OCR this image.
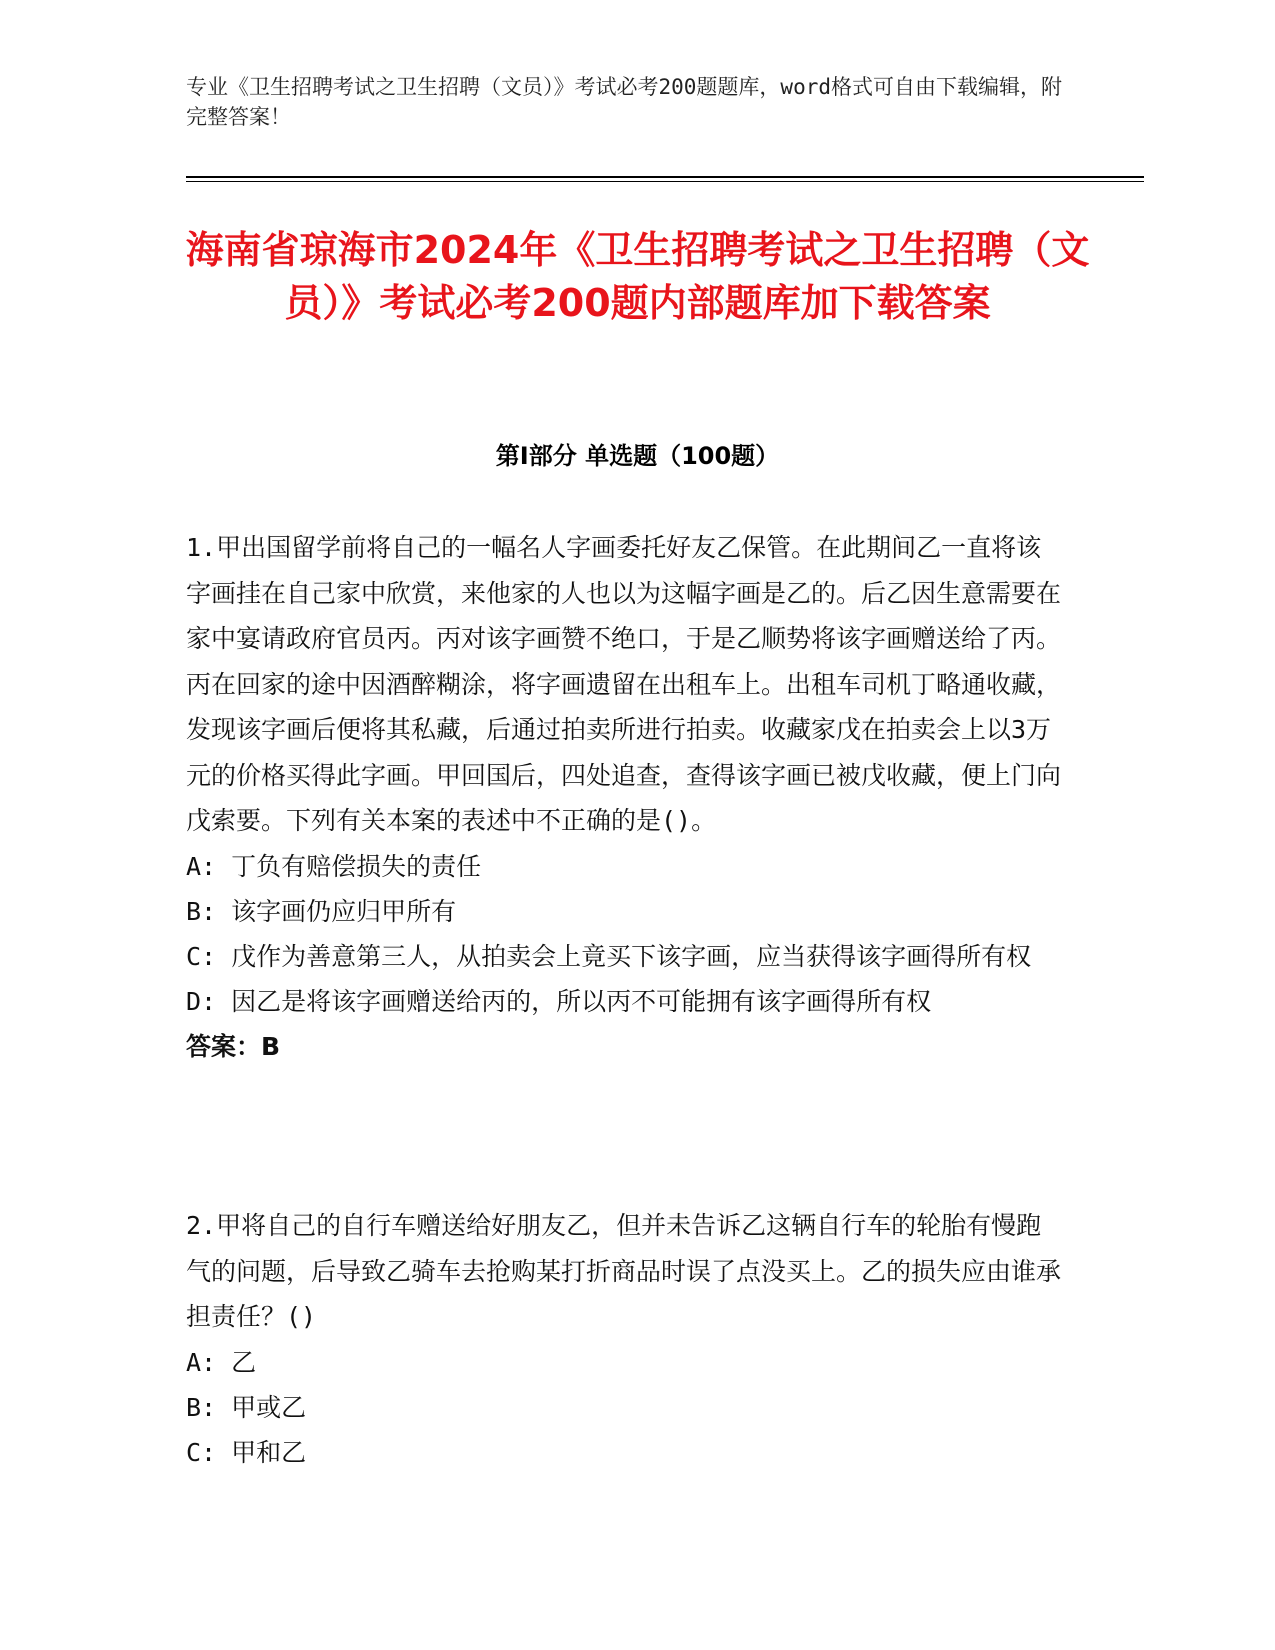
专业《卫生招聘考试之卫生招聘（文员）》考试必考200题题库，word格式可自由下载编辑，附完整答案！
海南省琼海市2024年《卫生招聘考试之卫生招聘（文员）》考试必考200题内部题库加下载答案
第Ⅰ部分 单选题（100题）
1.甲出国留学前将自己的一幅名人字画委托好友乙保管。在此期间乙一直将该字画挂在自己家中欣赏，来他家的人也以为这幅字画是乙的。后乙因生意需要在家中宴请政府官员丙。丙对该字画赞不绝口，于是乙顺势将该字画赠送给了丙。丙在回家的途中因酒醉糊涂，将字画遗留在出租车上。出租车司机丁略通收藏，发现该字画后便将其私藏，后通过拍卖所进行拍卖。收藏家戊在拍卖会上以3万元的价格买得此字画。甲回国后，四处追查，查得该字画已被戊收藏，便上门向戊索要。下列有关本案的表述中不正确的是()。
A: 丁负有赔偿损失的责任
B: 该字画仍应归甲所有
C: 戊作为善意第三人，从拍卖会上竟买下该字画，应当获得该字画得所有权
D: 因乙是将该字画赠送给丙的，所以丙不可能拥有该字画得所有权
答案：B
2.甲将自己的自行车赠送给好朋友乙，但并未告诉乙这辆自行车的轮胎有慢跑气的问题，后导致乙骑车去抢购某打折商品时误了点没买上。乙的损失应由谁承担责任？()
A: 乙
B: 甲或乙
C: 甲和乙
